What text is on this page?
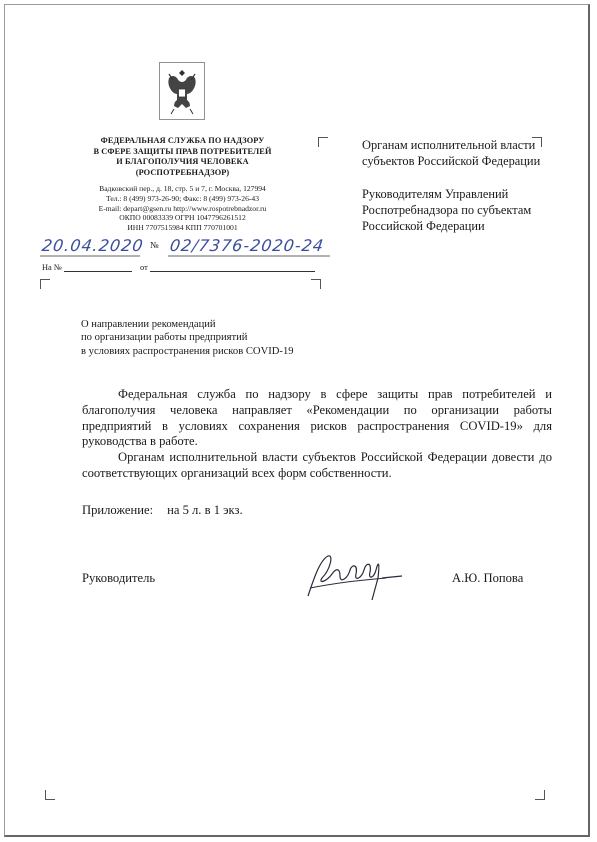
ФЕДЕРАЛЬНАЯ СЛУЖБА ПО НАДЗОРУ
В СФЕРЕ ЗАЩИТЫ ПРАВ ПОТРЕБИТЕЛЕЙ
И БЛАГОПОЛУЧИЯ ЧЕЛОВЕКА
(РОСПОТРЕБНАДЗОР)
Вадковский пер., д. 18, стр. 5 и 7, г. Москва, 127994
Тел.: 8 (499) 973-26-90; Факс: 8 (499) 973-26-43
E-mail: depart@gsen.ru http://www.rospotrebnadzor.ru
ОКПО 00083339 ОГРН 1047796261512
ИНН 7707515984 КПП 770701001
20.04.2020 № 02/7376-2020-24
На №	от

Органам исполнительной власти субъектов Российской Федерации

Руководителям Управлений Роспотребнадзора по субъектам Российской Федерации

О направлении рекомендаций
по организации работы предприятий
в условиях распространения рисков COVID-19

Федеральная служба по надзору в сфере защиты прав потребителей и благополучия человека направляет «Рекомендации по организации работы предприятий в условиях сохранения рисков распространения COVID-19» для руководства в работе.

Органам исполнительной власти субъектов Российской Федерации довести до соответствующих организаций всех форм собственности.

Приложение: на 5 л. в 1 экз.
Руководитель	А.Ю. Попова
